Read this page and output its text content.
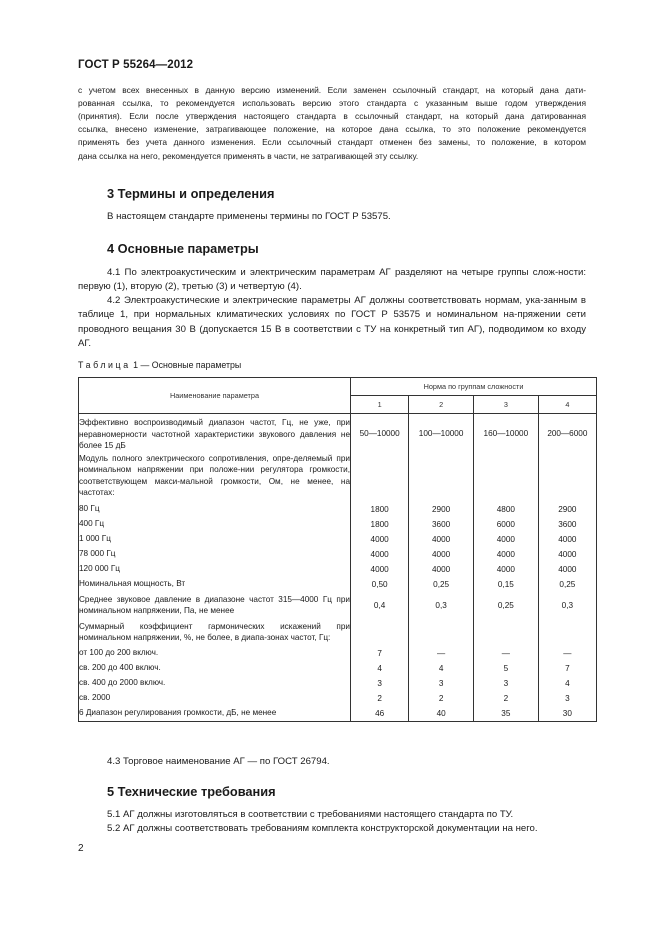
ГОСТ Р 55264—2012
с учетом всех внесенных в данную версию изменений. Если заменен ссылочный стандарт, на который дана дати-
рованная ссылка, то рекомендуется использовать версию этого стандарта с указанным выше годом утверждения
(принятия). Если после утверждения настоящего стандарта в ссылочный стандарт, на который дана датированная
ссылка, внесено изменение, затрагивающее положение, на которое дана ссылка, то это положение рекомендуется
применять без учета данного изменения. Если ссылочный стандарт отменен без замены, то положение, в котором
дана ссылка на него, рекомендуется применять в части, не затрагивающей эту ссылку.
3 Термины и определения

В настоящем стандарте применены термины по ГОСТ Р 53575.

4 Основные параметры

4.1 По электроакустическим и электрическим параметрам АГ разделяют на четыре группы слож-ности: первую (1), вторую (2), третью (3) и четвертую (4).

4.2 Электроакустические и электрические параметры АГ должны соответствовать нормам, ука-занным в таблице 1, при нормальных климатических условиях по ГОСТ Р 53575 и номинальном на-пряжении сети проводного вещания 30 В (допускается 15 В в соответствии с ТУ на конкретный тип АГ), подводимом ко входу АГ.

Таблица 1 — Основные параметры
Наименование параметра	Норма по группам сложности			
	1	2	3	4
Эффективно воспроизводимый диапазон частот, Гц, не уже, при неравномерности частотной характеристики звукового давления не более 15 дБ	50—10000	100—10000	160—10000	200—6000
Модуль полного электрического сопротивления, опре-деляемый при номинальном напряжении при положе-нии регулятора громкости, соответствующем макси-мальной громкости, Ом, не менее, на частотах:				
80 Гц	1800	2900	4800	2900
400 Гц	1800	3600	6000	3600
1 000 Гц	4000	4000	4000	4000
78 000 Гц	4000	4000	4000	4000
120 000 Гц	4000	4000	4000	4000
Номинальная мощность, Вт	0,50	0,25	0,15	0,25
Среднее звуковое давление в диапазоне частот 315—4000 Гц при номинальном напряжении, Па, не менее	0,4	0,3	0,25	0,3
Суммарный коэффициент гармонических искажений при номинальном напряжении, %, не более, в диапа-зонах частот, Гц:				
от 100 до 200 включ.	7	—	—	—
св. 200 до 400 включ.	4	4	5	7
св. 400 до 2000 включ.	3	3	3	4
св. 2000	2	2	2	3
6 Диапазон регулирования громкости, дБ, не менее	46	40	35	30

4.3 Торговое наименование АГ — по ГОСТ 26794.

5 Технические требования

5.1 АГ должны изготовляться в соответствии с требованиями настоящего стандарта по ТУ.

5.2 АГ должны соответствовать требованиям комплекта конструкторской документации на него.

2
